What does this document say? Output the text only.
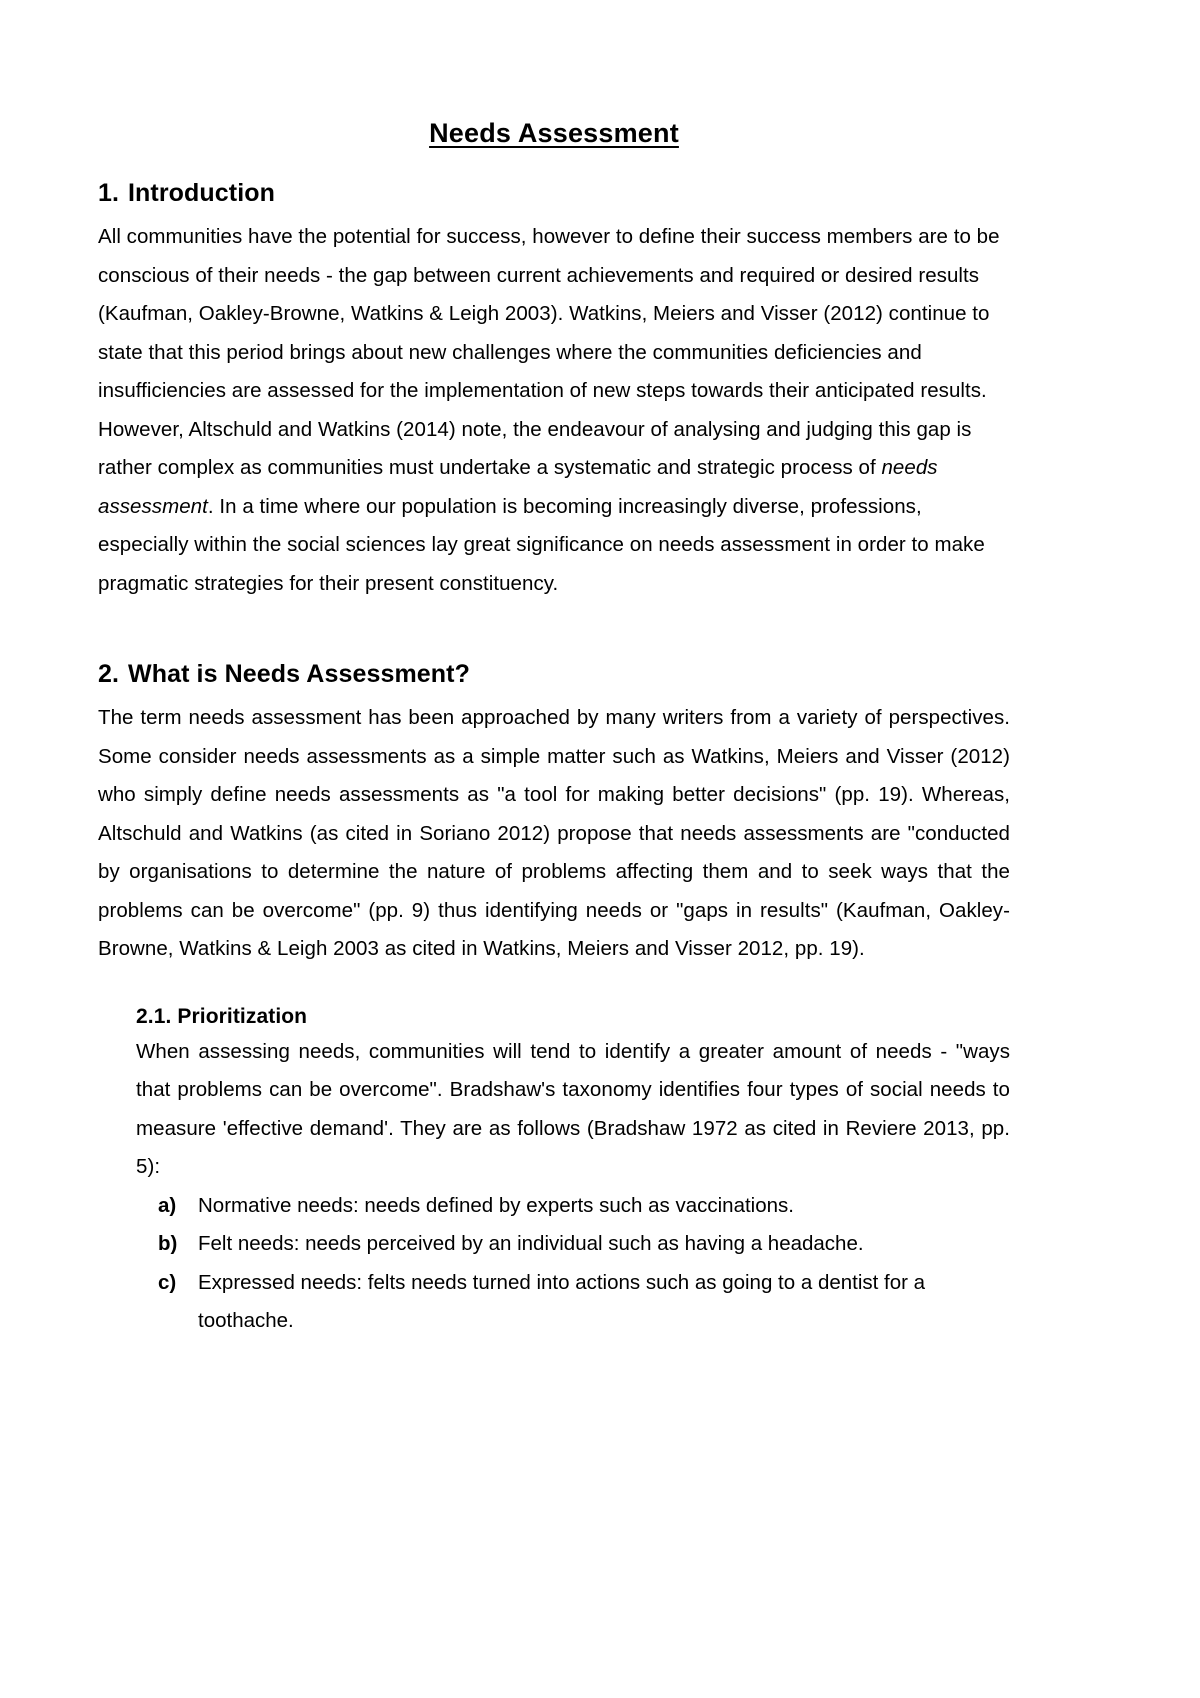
Needs Assessment
1. Introduction

All communities have the potential for success, however to define their success members are to be conscious of their needs - the gap between current achievements and required or desired results (Kaufman, Oakley-Browne, Watkins & Leigh 2003). Watkins, Meiers and Visser (2012) continue to state that this period brings about new challenges where the communities deficiencies and insufficiencies are assessed for the implementation of new steps towards their anticipated results. However, Altschuld and Watkins (2014) note, the endeavour of analysing and judging this gap is rather complex as communities must undertake a systematic and strategic process of needs assessment. In a time where our population is becoming increasingly diverse, professions, especially within the social sciences lay great significance on needs assessment in order to make pragmatic strategies for their present constituency.

2. What is Needs Assessment?

The term needs assessment has been approached by many writers from a variety of perspectives. Some consider needs assessments as a simple matter such as Watkins, Meiers and Visser (2012) who simply define needs assessments as "a tool for making better decisions" (pp. 19). Whereas, Altschuld and Watkins (as cited in Soriano 2012) propose that needs assessments are "conducted by organisations to determine the nature of problems affecting them and to seek ways that the problems can be overcome" (pp. 9) thus identifying needs or "gaps in results" (Kaufman, Oakley-Browne, Watkins & Leigh 2003 as cited in Watkins, Meiers and Visser 2012, pp. 19).

2.1. Prioritization

When assessing needs, communities will tend to identify a greater amount of needs - "ways that problems can be overcome". Bradshaw's taxonomy identifies four types of social needs to measure 'effective demand'. They are as follows (Bradshaw 1972 as cited in Reviere 2013, pp. 5):

a) Normative needs: needs defined by experts such as vaccinations.
b) Felt needs: needs perceived by an individual such as having a headache.
c) Expressed needs: felts needs turned into actions such as going to a dentist for a toothache.
